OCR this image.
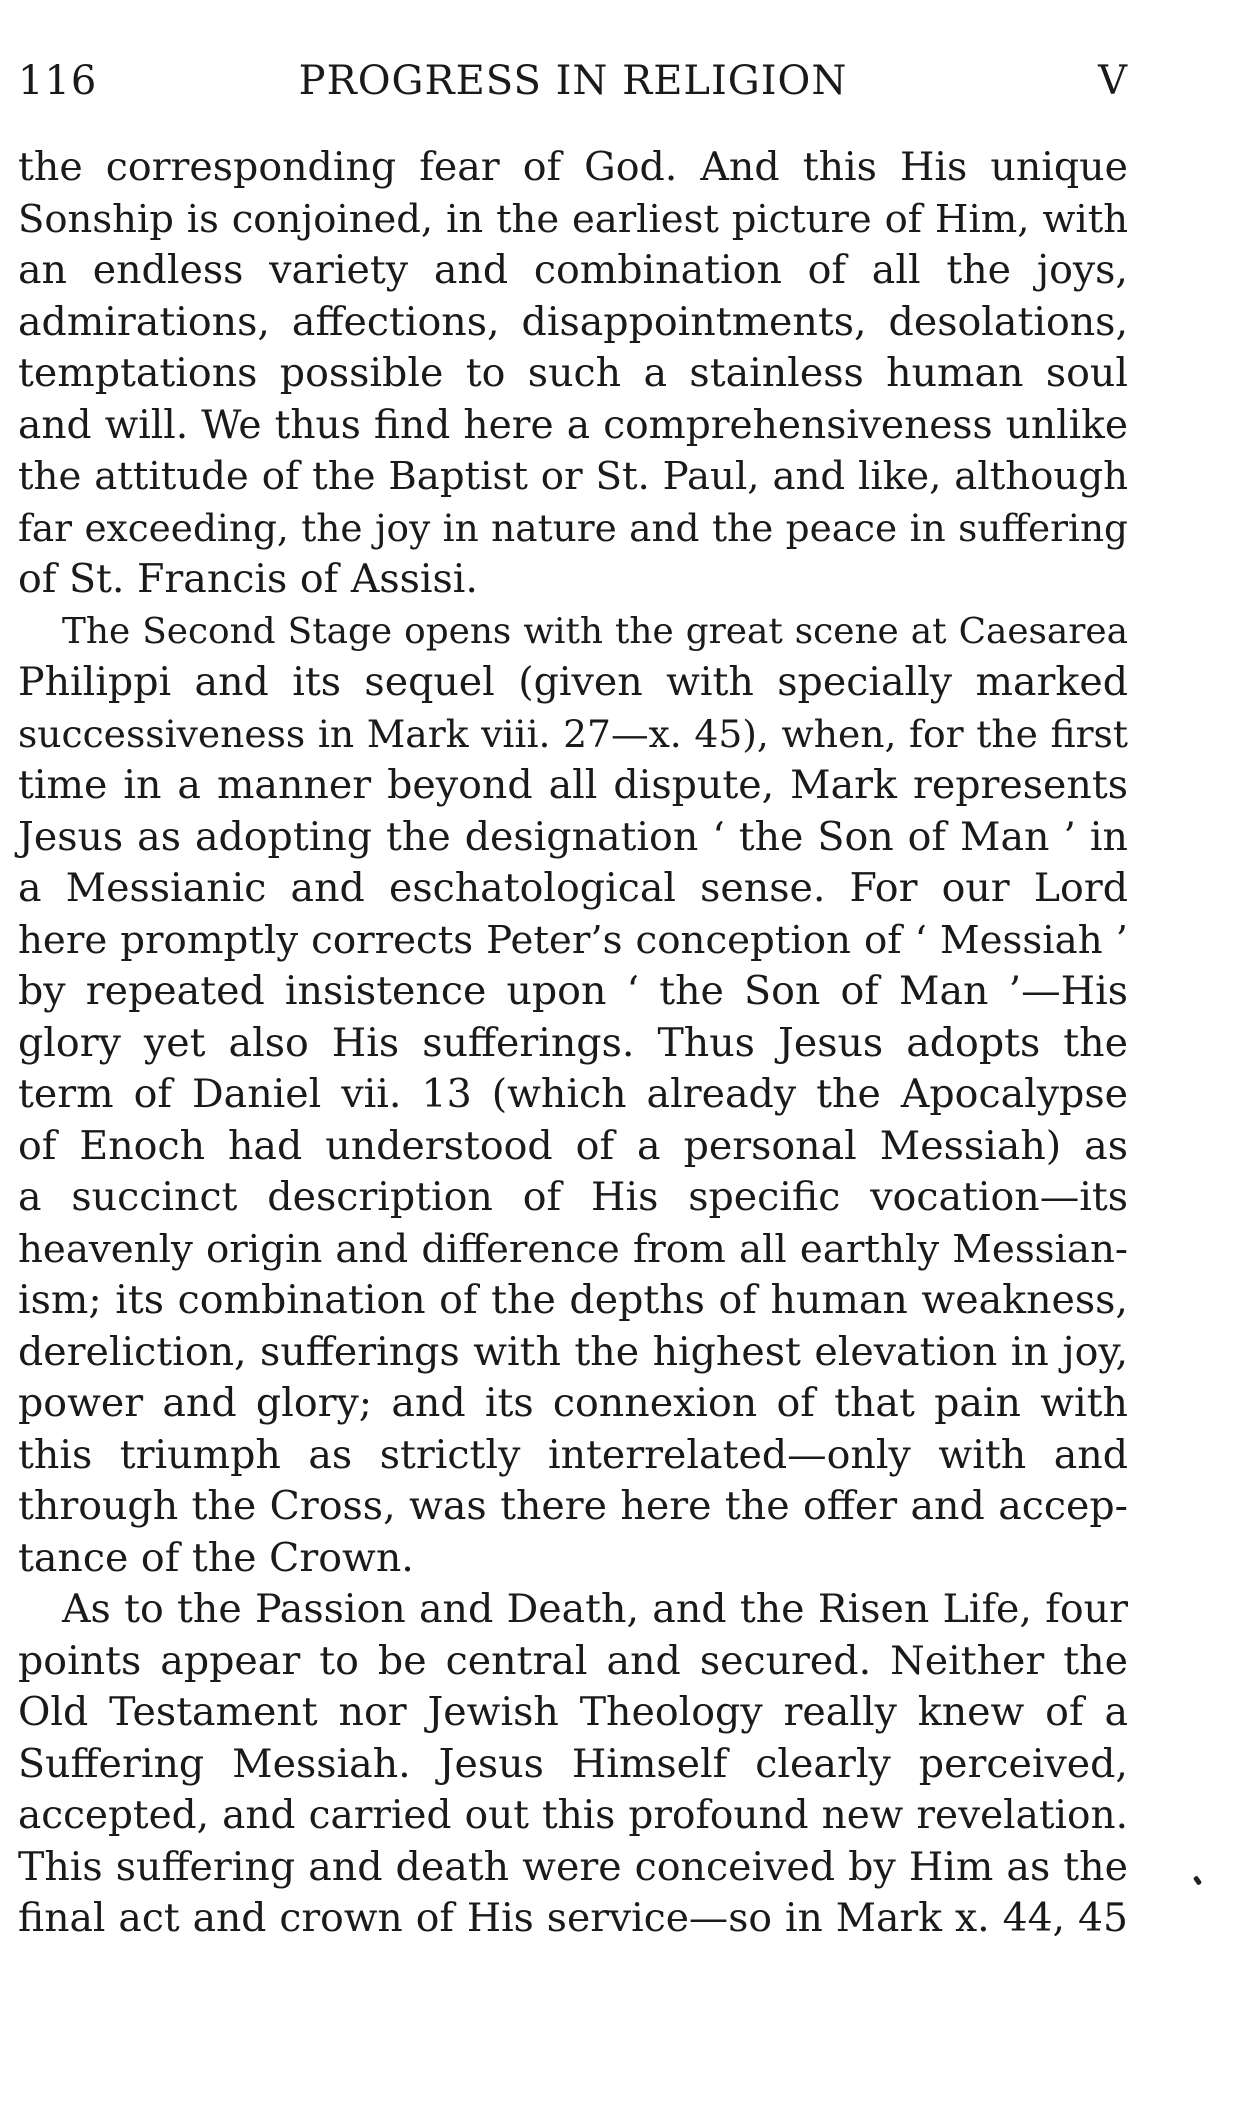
116	PROGRESS IN RELIGION	V
the corresponding fear of God. And this His unique
Sonship is conjoined, in the earliest picture of Him, with
an endless variety and combination of all the joys,
admirations, affections, disappointments, desolations,
temptations possible to such a stainless human soul
and will. We thus find here a comprehensiveness unlike
the attitude of the Baptist or St. Paul, and like, although
far exceeding, the joy in nature and the peace in suffering
of St. Francis of Assisi.
The Second Stage opens with the great scene at Caesarea
Philippi and its sequel (given with specially marked
successiveness in Mark viii. 27—x. 45), when, for the first
time in a manner beyond all dispute, Mark represents
Jesus as adopting the designation ‘ the Son of Man ’ in
a Messianic and eschatological sense. For our Lord
here promptly corrects Peter’s conception of ‘ Messiah ’
by repeated insistence upon ‘ the Son of Man ’—His
glory yet also His sufferings. Thus Jesus adopts the
term of Daniel vii. 13 (which already the Apocalypse
of Enoch had understood of a personal Messiah) as
a succinct description of His specific vocation—its
heavenly origin and difference from all earthly Messian-
ism; its combination of the depths of human weakness,
dereliction, sufferings with the highest elevation in joy,
power and glory; and its connexion of that pain with
this triumph as strictly interrelated—only with and
through the Cross, was there here the offer and accep-
tance of the Crown.
As to the Passion and Death, and the Risen Life, four
points appear to be central and secured. Neither the
Old Testament nor Jewish Theology really knew of a
Suffering Messiah. Jesus Himself clearly perceived,
accepted, and carried out this profound new revelation.
This suffering and death were conceived by Him as the
final act and crown of His service—so in Mark x. 44, 45
